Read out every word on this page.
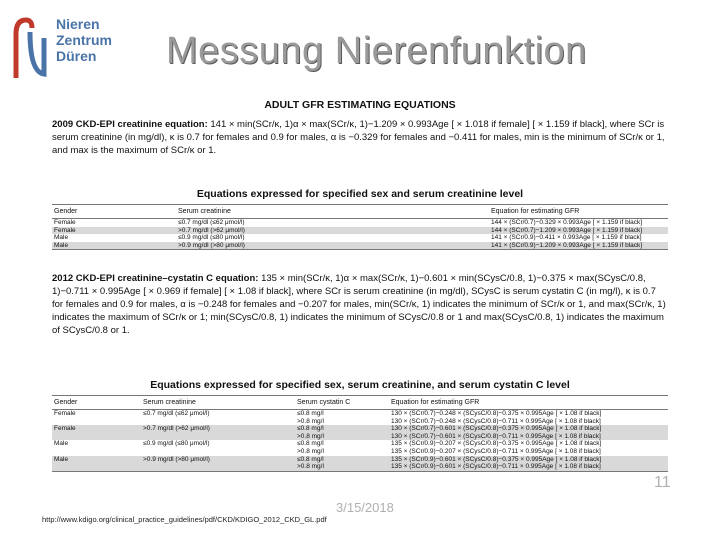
Nieren
Zentrum
Düren	Messung Nierenfunktion
ADULT GFR ESTIMATING EQUATIONS
2009 CKD-EPI creatinine equation: 141 × min(SCr/κ, 1)α × max(SCr/κ, 1)−1.209 × 0.993Age [ × 1.018 if female] [ × 1.159 if black], where SCr is serum creatinine (in mg/dl), κ is 0.7 for females and 0.9 for males, α is −0.329 for females and −0.411 for males, min is the minimum of SCr/κ or 1, and max is the maximum of SCr/κ or 1.
Equations expressed for specified sex and serum creatinine level
Gender	Serum creatinine	Equation for estimating GFR
Female	≤0.7 mg/dl (≤62 μmol/l)	144 × (SCr/0.7)−0.329 × 0.993Age [ × 1.159 if black]
Female	>0.7 mg/dl (>62 μmol/l)	144 × (SCr/0.7)−1.209 × 0.993Age [ × 1.159 if black]
Male	≤0.9 mg/dl (≤80 μmol/l)	141 × (SCr/0.9)−0.411 × 0.993Age [ × 1.159 if black]
Male	>0.9 mg/dl (>80 μmol/l)	141 × (SCr/0.9)−1.209 × 0.993Age [ × 1.159 if black]
2012 CKD-EPI creatinine–cystatin C equation: 135 × min(SCr/κ, 1)α × max(SCr/κ, 1)−0.601 × min(SCysC/0.8, 1)−0.375 × max(SCysC/0.8, 1)−0.711 × 0.995Age [ × 0.969 if female] [ × 1.08 if black], where SCr is serum creatinine (in mg/dl), SCysC is serum cystatin C (in mg/l), κ is 0.7 for females and 0.9 for males, α is −0.248 for females and −0.207 for males, min(SCr/κ, 1) indicates the minimum of SCr/κ or 1, and max(SCr/κ, 1) indicates the maximum of SCr/κ or 1; min(SCysC/0.8, 1) indicates the minimum of SCysC/0.8 or 1 and max(SCysC/0.8, 1) indicates the maximum of SCysC/0.8 or 1.
Equations expressed for specified sex, serum creatinine, and serum cystatin C level
Gender	Serum creatinine	Serum cystatin C	Equation for estimating GFR
Female	≤0.7 mg/dl (≤62 μmol/l)	≤0.8 mg/l	130 × (SCr/0.7)−0.248 × (SCysC/0.8)−0.375 × 0.995Age [ × 1.08 if black]
		>0.8 mg/l	130 × (SCr/0.7)−0.248 × (SCysC/0.8)−0.711 × 0.995Age [ × 1.08 if black]
Female	>0.7 mg/dl (>62 μmol/l)	≤0.8 mg/l	130 × (SCr/0.7)−0.601 × (SCysC/0.8)−0.375 × 0.995Age [ × 1.08 if black]
		>0.8 mg/l	130 × (SCr/0.7)−0.601 × (SCysC/0.8)−0.711 × 0.995Age [ × 1.08 if black]
Male	≤0.9 mg/dl (≤80 μmol/l)	≤0.8 mg/l	135 × (SCr/0.9)−0.207 × (SCysC/0.8)−0.375 × 0.995Age [ × 1.08 if black]
		>0.8 mg/l	135 × (SCr/0.9)−0.207 × (SCysC/0.8)−0.711 × 0.995Age [ × 1.08 if black]
Male	>0.9 mg/dl (>80 μmol/l)	≤0.8 mg/l	135 × (SCr/0.9)−0.601 × (SCysC/0.8)−0.375 × 0.995Age [ × 1.08 if black]
		>0.8 mg/l	135 × (SCr/0.9)−0.601 × (SCysC/0.8)−0.711 × 0.995Age [ × 1.08 if black]
3/15/2018
11
http://www.kdigo.org/clinical_practice_guidelines/pdf/CKD/KDIGO_2012_CKD_GL.pdf
